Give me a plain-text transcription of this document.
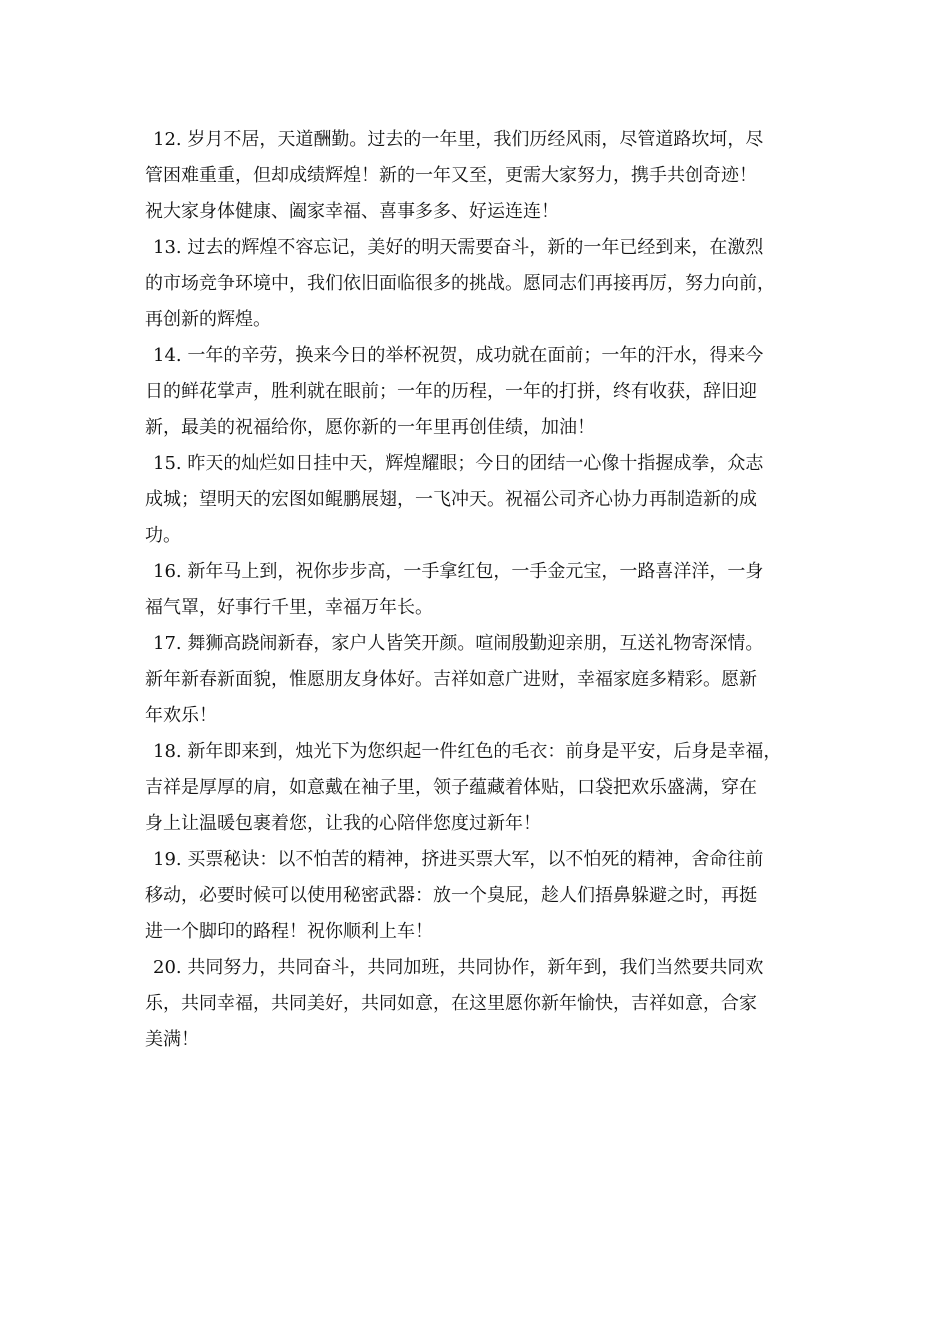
12. 岁月不居，天道酬勤。过去的一年里，我们历经风雨，尽管道路坎坷，尽
管困难重重，但却成绩辉煌！新的一年又至，更需大家努力，携手共创奇迹！
祝大家身体健康、阖家幸福、喜事多多、好运连连！
13. 过去的辉煌不容忘记，美好的明天需要奋斗，新的一年已经到来，在激烈
的市场竞争环境中，我们依旧面临很多的挑战。愿同志们再接再厉，努力向前，
再创新的辉煌。
14. 一年的辛劳，换来今日的举杯祝贺，成功就在面前；一年的汗水，得来今
日的鲜花掌声，胜利就在眼前；一年的历程，一年的打拼，终有收获，辞旧迎
新，最美的祝福给你，愿你新的一年里再创佳绩，加油！
15. 昨天的灿烂如日挂中天，辉煌耀眼；今日的团结一心像十指握成拳，众志
成城；望明天的宏图如鲲鹏展翅，一飞冲天。祝福公司齐心协力再制造新的成
功。
16. 新年马上到，祝你步步高，一手拿红包，一手金元宝，一路喜洋洋，一身
福气罩，好事行千里，幸福万年长。
17. 舞狮高跷闹新春，家户人皆笑开颜。喧闹殷勤迎亲朋，互送礼物寄深情。
新年新春新面貌，惟愿朋友身体好。吉祥如意广进财，幸福家庭多精彩。愿新
年欢乐！
18. 新年即来到，烛光下为您织起一件红色的毛衣：前身是平安，后身是幸福，
吉祥是厚厚的肩，如意戴在袖子里，领子蕴藏着体贴，口袋把欢乐盛满，穿在
身上让温暖包裹着您，让我的心陪伴您度过新年！
19. 买票秘诀：以不怕苦的精神，挤进买票大军，以不怕死的精神，舍命往前
移动，必要时候可以使用秘密武器：放一个臭屁，趁人们捂鼻躲避之时，再挺
进一个脚印的路程！祝你顺利上车！
20. 共同努力，共同奋斗，共同加班，共同协作，新年到，我们当然要共同欢
乐，共同幸福，共同美好，共同如意，在这里愿你新年愉快，吉祥如意，合家
美满！
